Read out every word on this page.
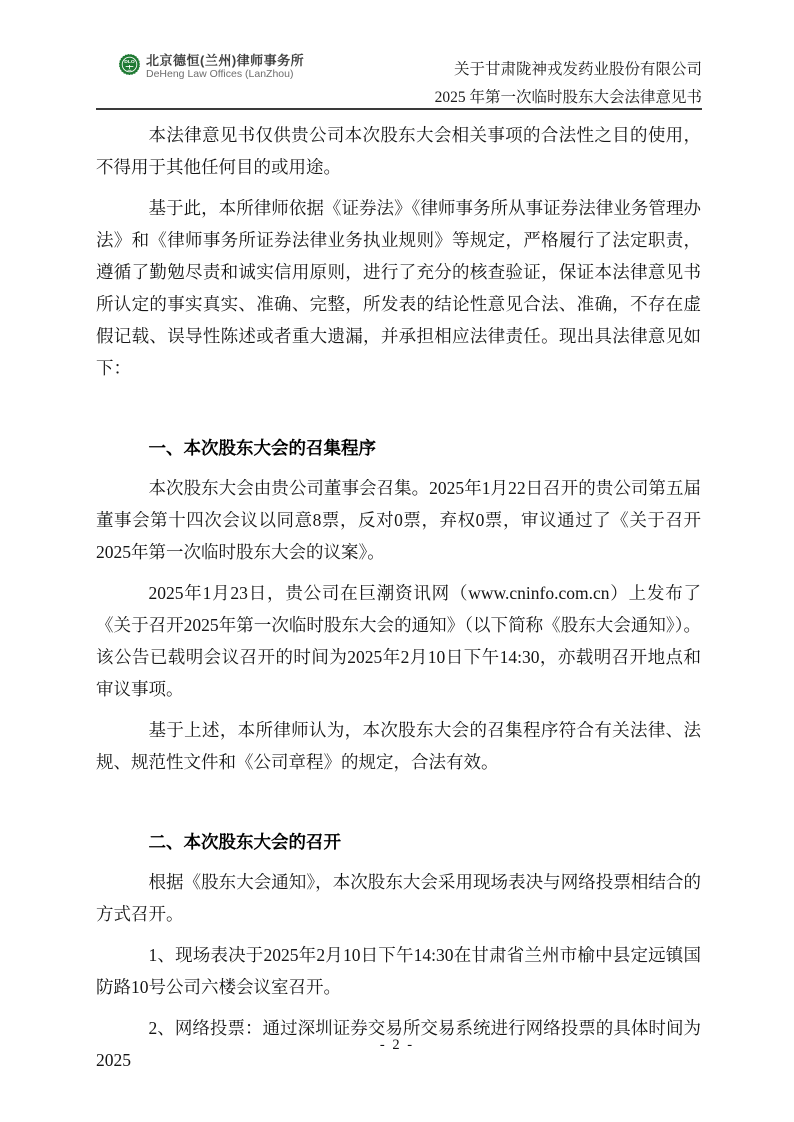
DLO 北京德恒(兰州)律师事务所
DeHeng Law Offices (LanZhou)	关于甘肃陇神戎发药业股份有限公司
2025 年第一次临时股东大会法律意见书

本法律意见书仅供贵公司本次股东大会相关事项的合法性之目的使用，不得用于其他任何目的或用途。

基于此，本所律师依据《证券法》《律师事务所从事证券法律业务管理办法》和《律师事务所证券法律业务执业规则》等规定，严格履行了法定职责，遵循了勤勉尽责和诚实信用原则，进行了充分的核查验证，保证本法律意见书所认定的事实真实、准确、完整，所发表的结论性意见合法、准确，不存在虚假记载、误导性陈述或者重大遗漏，并承担相应法律责任。现出具法律意见如下：

一、本次股东大会的召集程序

本次股东大会由贵公司董事会召集。2025年1月22日召开的贵公司第五届董事会第十四次会议以同意8票，反对0票，弃权0票，审议通过了《关于召开2025年第一次临时股东大会的议案》。

2025年1月23日，贵公司在巨潮资讯网（www.cninfo.com.cn）上发布了《关于召开2025年第一次临时股东大会的通知》（以下简称《股东大会通知》）。该公告已载明会议召开的时间为2025年2月10日下午14:30，亦载明召开地点和审议事项。

基于上述，本所律师认为，本次股东大会的召集程序符合有关法律、法规、规范性文件和《公司章程》的规定，合法有效。

二、本次股东大会的召开

根据《股东大会通知》，本次股东大会采用现场表决与网络投票相结合的方式召开。

1、现场表决于2025年2月10日下午14:30在甘肃省兰州市榆中县定远镇国防路10号公司六楼会议室召开。

2、网络投票：通过深圳证券交易所交易系统进行网络投票的具体时间为2025

- 2 -
